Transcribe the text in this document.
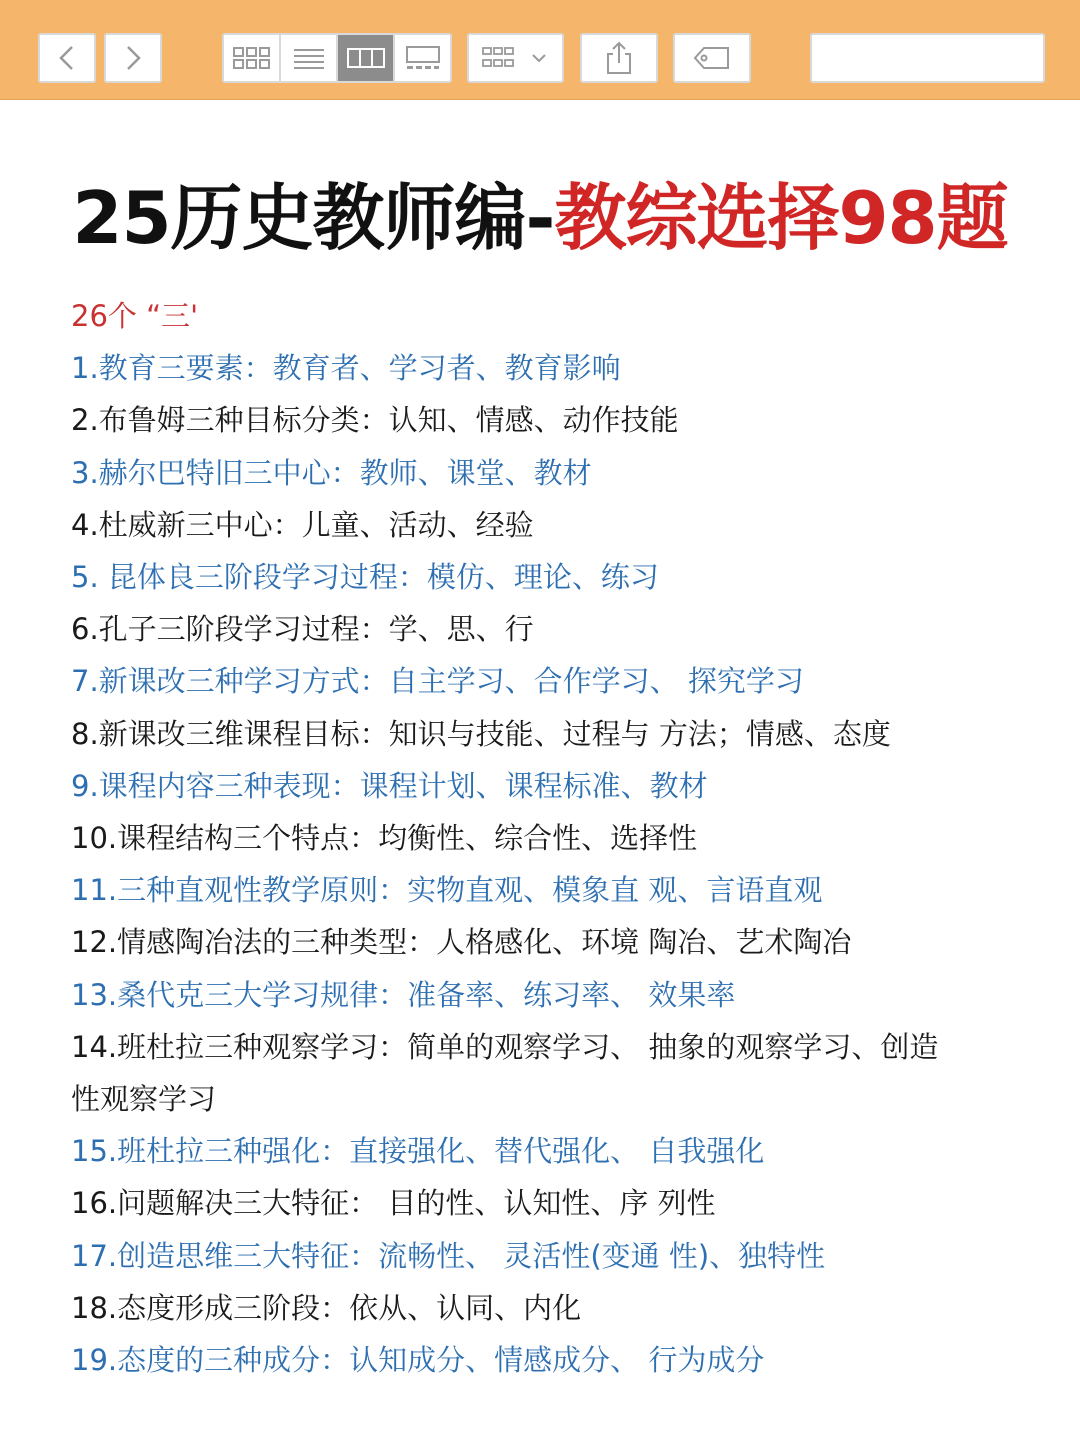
25历史教师编-教综选择98题
26个 “三'
1.教育三要素：教育者、学习者、教育影响
2.布鲁姆三种目标分类：认知、情感、动作技能
3.赫尔巴特旧三中心：教师、课堂、教材
4.杜威新三中心：儿童、活动、经验
5. 昆体良三阶段学习过程：模仿、理论、练习
6.孔子三阶段学习过程：学、思、行
7.新课改三种学习方式：自主学习、合作学习、 探究学习
8.新课改三维课程目标：知识与技能、过程与 方法；情感、态度
9.课程内容三种表现：课程计划、课程标准、教材
10.课程结构三个特点：均衡性、综合性、选择性
11.三种直观性教学原则：实物直观、模象直 观、言语直观
12.情感陶冶法的三种类型：人格感化、环境 陶冶、艺术陶冶
13.桑代克三大学习规律：准备率、练习率、 效果率
14.班杜拉三种观察学习：简单的观察学习、 抽象的观察学习、创造
性观察学习
15.班杜拉三种强化：直接强化、替代强化、 自我强化
16.问题解决三大特征： 目的性、认知性、序 列性
17.创造思维三大特征：流畅性、 灵活性(变通 性)、独特性
18.态度形成三阶段：依从、认同、内化
19.态度的三种成分：认知成分、情感成分、 行为成分
